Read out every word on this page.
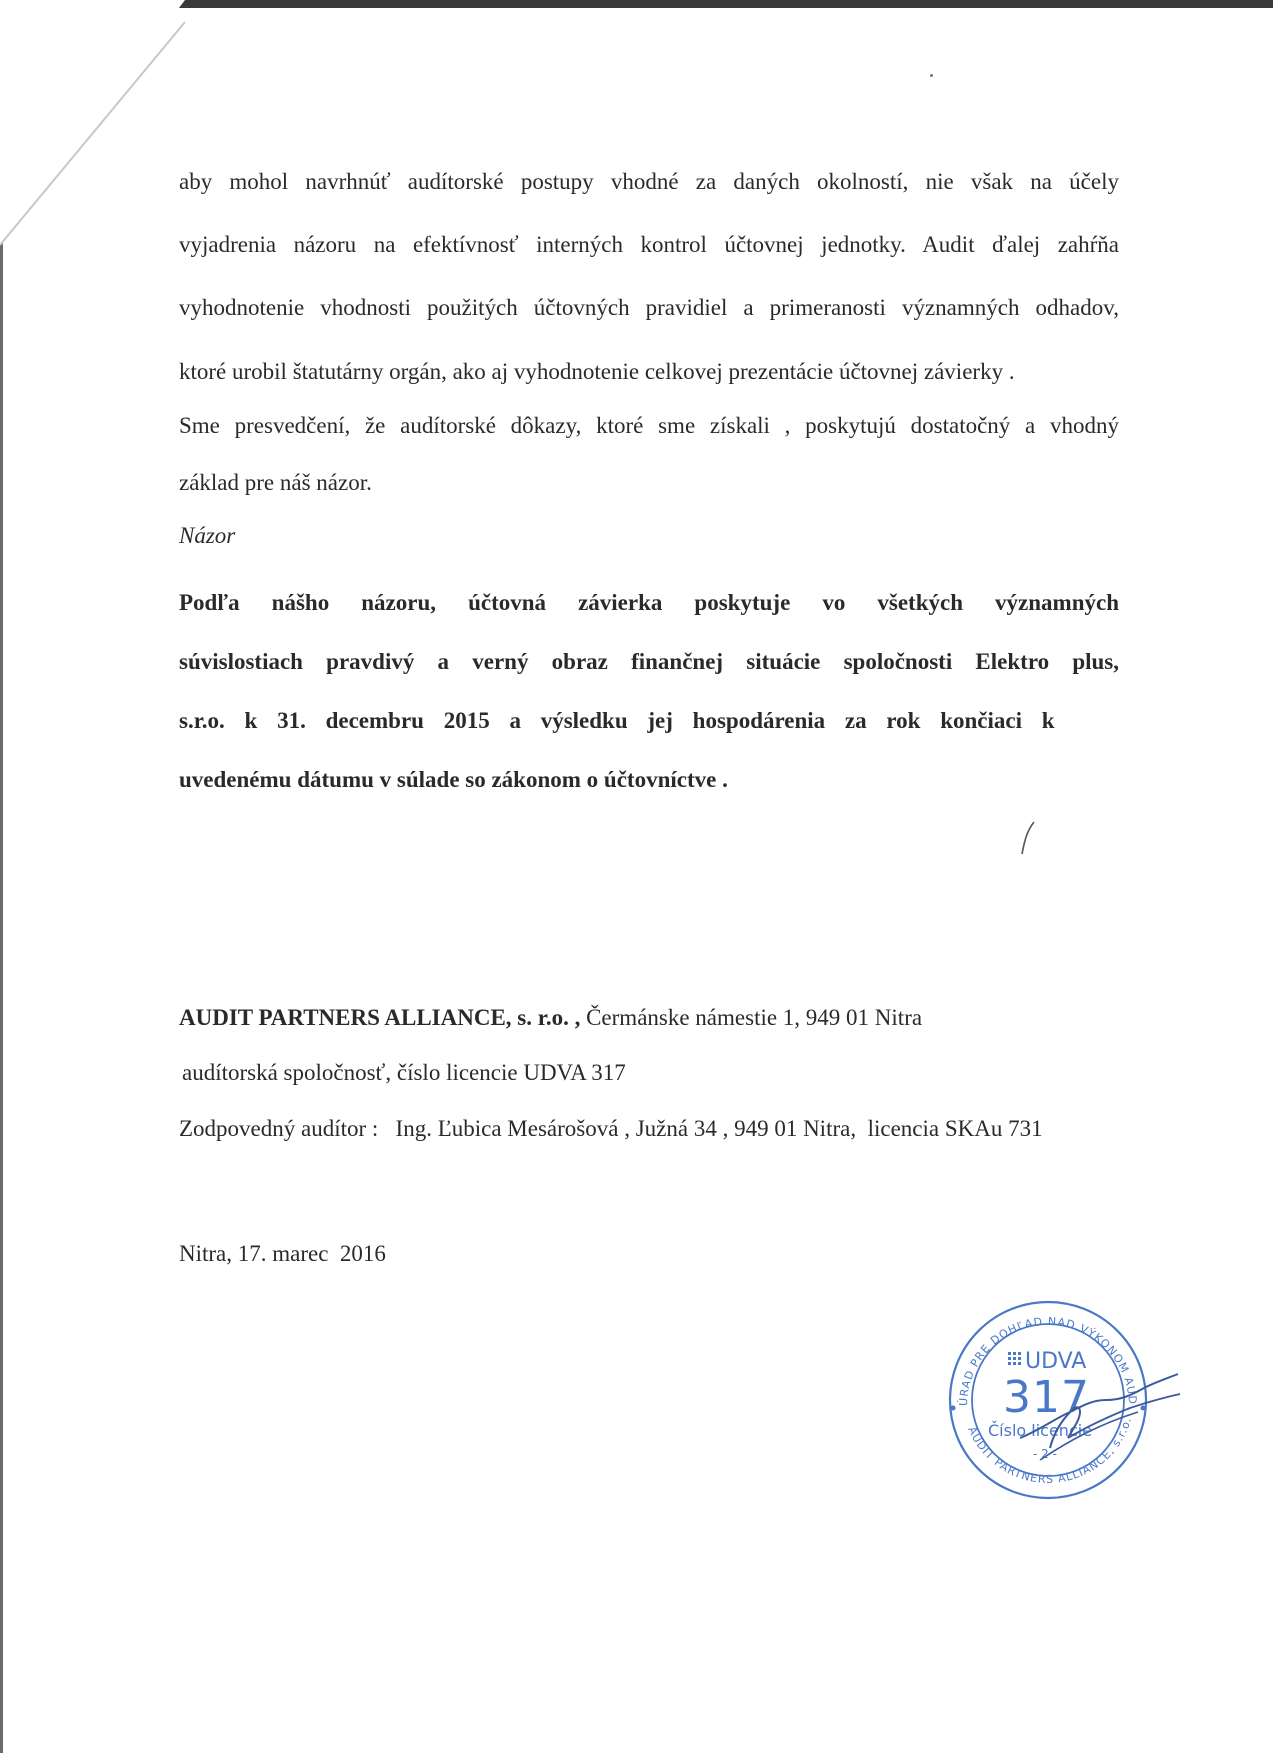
aby mohol navrhnúť audítorské postupy vhodné za daných okolností, nie však na účely
vyjadrenia názoru na efektívnosť interných kontrol účtovnej jednotky. Audit ďalej zahŕňa
vyhodnotenie vhodnosti použitých účtovných pravidiel a primeranosti významných odhadov,
ktoré urobil štatutárny orgán, ako aj vyhodnotenie celkovej prezentácie účtovnej závierky .
Sme presvedčení, že audítorské dôkazy, ktoré sme získali , poskytujú dostatočný a vhodný
základ pre náš názor.
Názor
Podľa nášho názoru, účtovná závierka poskytuje vo všetkých významných
súvislostiach pravdivý a verný obraz finančnej situácie spoločnosti Elektro plus,
s.r.o. k 31. decembru 2015 a výsledku jej hospodárenia za rok končiaci k
uvedenému dátumu v súlade so zákonom o účtovníctve .
AUDIT PARTNERS ALLIANCE, s. r.o. , Čermánske námestie 1, 949 01 Nitra
audítorská spoločnosť, číslo licencie UDVA 317
Zodpovedný audítor :   Ing. Ľubica Mesárošová , Južná 34 , 949 01 Nitra,  licencia SKAu 731
Nitra, 17. marec  2016
UDVA
Číslo licencie
- 2 -
ÚRAD PRE DOHĽAD NAD VÝKONOM AUD
AUDIT PARTNERS ALLIANCE, s.r.o.
317
